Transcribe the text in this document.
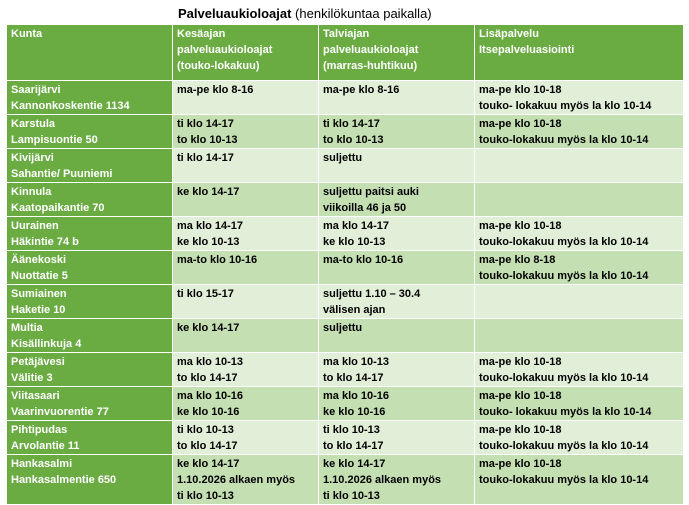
Palveluaukioloajat (henkilökuntaa paikalla)
Kunta	Kesäajan
palveluaukioloajat
(touko-lokakuu)	Talviajan
palveluaukioloajat
(marras-huhtikuu)	Lisäpalvelu
Itsepalveluasiointi

Saarijärvi
Kannonkoskentie 1134	ma-pe klo 8-16	ma-pe klo 8-16	ma-pe klo 10-18
touko- lokakuu myös la klo 10-14

Karstula
Lampisuontie 50	ti klo 14-17
to klo 10-13	ti klo 14-17
to klo 10-13	ma-pe klo 10-18
touko-lokakuu myös la klo 10-14

Kivijärvi
Sahantie/ Puuniemi	ti klo 14-17	suljettu	

Kinnula
Kaatopaikantie 70	ke klo 14-17	suljettu paitsi auki
viikoilla 46 ja 50	

Uurainen
Häkintie 74 b	ma klo 14-17
ke klo 10-13	ma klo 14-17
ke klo 10-13	ma-pe klo 10-18
touko-lokakuu myös la klo 10-14

Äänekoski
Nuottatie 5	ma-to klo 10-16	ma-to klo 10-16	ma-pe klo 8-18
touko-lokakuu myös la klo 10-14

Sumiainen
Haketie 10	ti klo 15-17	suljettu 1.10 – 30.4
välisen ajan	

Multia
Kisällinkuja 4	ke klo 14-17	suljettu	

Petäjävesi
Välitie 3	ma klo 10-13
to klo 14-17	ma klo 10-13
to klo 14-17	ma-pe klo 10-18
touko-lokakuu myös la klo 10-14

Viitasaari
Vaarinvuorentie 77	ma klo 10-16
ke klo 10-16	ma klo 10-16
ke klo 10-16	ma-pe klo 10-18
touko- lokakuu myös la klo 10-14

Pihtipudas
Arvolantie 11	ti klo 10-13
to klo 14-17	ti klo 10-13
to klo 14-17	ma-pe klo 10-18
touko-lokakuu myös la klo 10-14

Hankasalmi
Hankasalmentie 650	ke klo 14-17
1.10.2026 alkaen myös
ti klo 10-13	ke klo 14-17
1.10.2026 alkaen myös
ti klo 10-13	ma-pe klo 10-18
touko-lokakuu myös la klo 10-14
